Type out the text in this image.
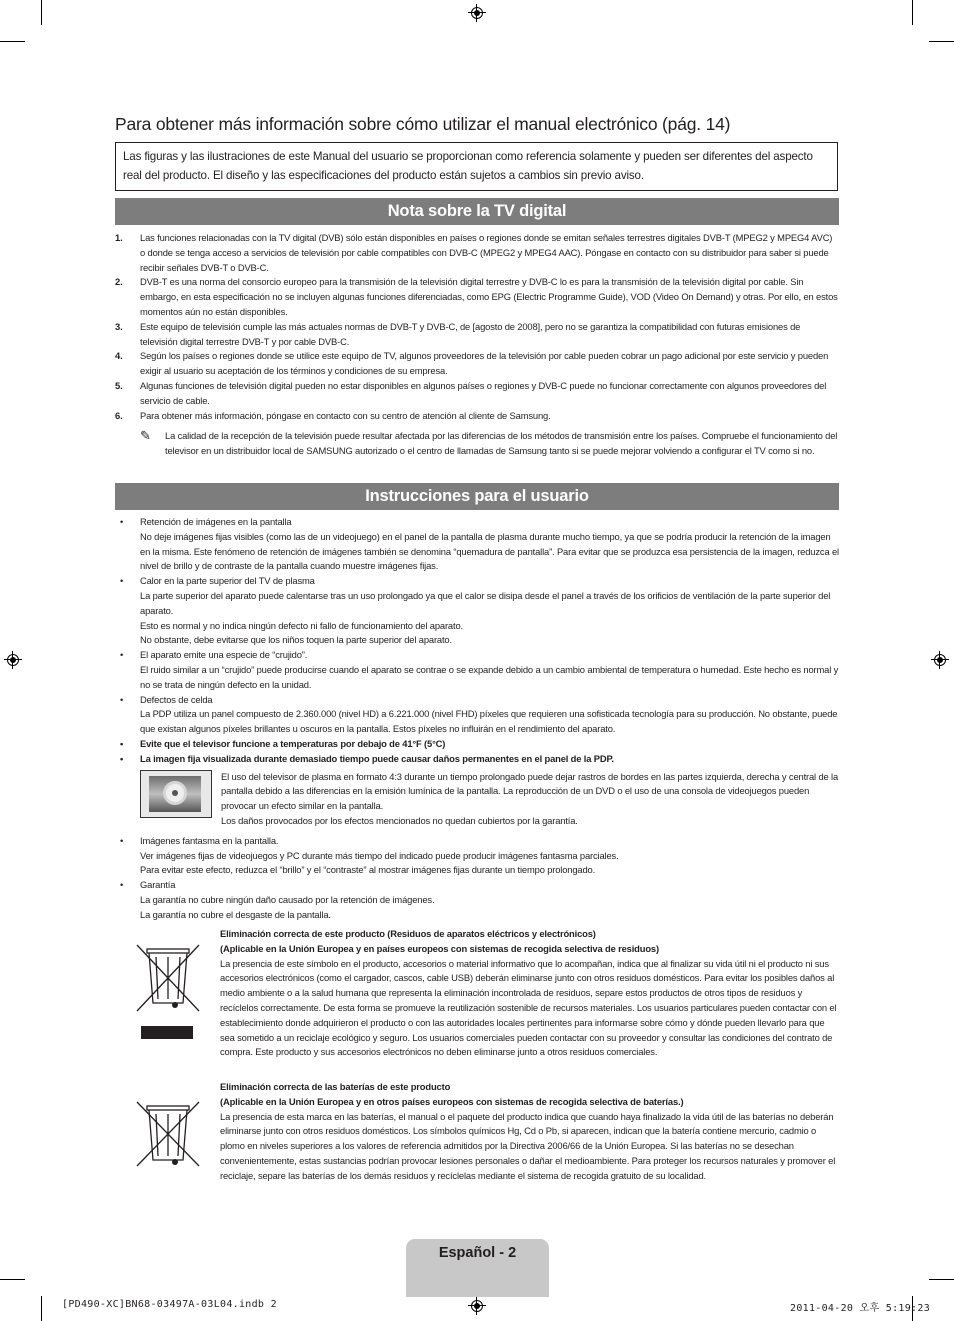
Para obtener más información sobre cómo utilizar el manual electrónico (pág. 14)
Las figuras y las ilustraciones de este Manual del usuario se proporcionan como referencia solamente y pueden ser diferentes del aspecto real del producto. El diseño y las especificaciones del producto están sujetos a cambios sin previo aviso.
Nota sobre la TV digital
1.	Las funciones relacionadas con la TV digital (DVB) sólo están disponibles en países o regiones donde se emitan señales terrestres digitales DVB-T (MPEG2 y MPEG4 AVC) o donde se tenga acceso a servicios de televisión por cable compatibles con DVB-C (MPEG2 y MPEG4 AAC). Póngase en contacto con su distribuidor para saber si puede recibir señales DVB-T o DVB-C.
2.	DVB-T es una norma del consorcio europeo para la transmisión de la televisión digital terrestre y DVB-C lo es para la transmisión de la televisión digital por cable. Sin embargo, en esta especificación no se incluyen algunas funciones diferenciadas, como EPG (Electric Programme Guide), VOD (Video On Demand) y otras. Por ello, en estos momentos aún no están disponibles.
3.	Este equipo de televisión cumple las más actuales normas de DVB-T y DVB-C, de [agosto de 2008], pero no se garantiza la compatibilidad con futuras emisiones de televisión digital terrestre DVB-T y por cable DVB-C.
4.	Según los países o regiones donde se utilice este equipo de TV, algunos proveedores de la televisión por cable pueden cobrar un pago adicional por este servicio y pueden exigir al usuario su aceptación de los términos y condiciones de su empresa.
5.	Algunas funciones de televisión digital pueden no estar disponibles en algunos países o regiones y DVB-C puede no funcionar correctamente con algunos proveedores del servicio de cable.
6.	Para obtener más información, póngase en contacto con su centro de atención al cliente de Samsung.
✎	La calidad de la recepción de la televisión puede resultar afectada por las diferencias de los métodos de transmisión entre los países. Compruebe el funcionamiento del televisor en un distribuidor local de SAMSUNG autorizado o el centro de llamadas de Samsung tanto si se puede mejorar volviendo a configurar el TV como si no.
Instrucciones para el usuario
•	Retención de imágenes en la pantalla
No deje imágenes fijas visibles (como las de un videojuego) en el panel de la pantalla de plasma durante mucho tiempo, ya que se podría producir la retención de la imagen en la misma. Este fenómeno de retención de imágenes también se denomina “quemadura de pantalla”. Para evitar que se produzca esa persistencia de la imagen, reduzca el nivel de brillo y de contraste de la pantalla cuando muestre imágenes fijas.
•	Calor en la parte superior del TV de plasma
La parte superior del aparato puede calentarse tras un uso prolongado ya que el calor se disipa desde el panel a través de los orificios de ventilación de la parte superior del aparato.
Esto es normal y no indica ningún defecto ni fallo de funcionamiento del aparato.
No obstante, debe evitarse que los niños toquen la parte superior del aparato.
•	El aparato emite una especie de “crujido”.
El ruido similar a un “crujido” puede producirse cuando el aparato se contrae o se expande debido a un cambio ambiental de temperatura o humedad. Este hecho es normal y no se trata de ningún defecto en la unidad.
•	Defectos de celda
La PDP utiliza un panel compuesto de 2.360.000 (nivel HD) a 6.221.000 (nivel FHD) píxeles que requieren una sofisticada tecnología para su producción. No obstante, puede que existan algunos píxeles brillantes u oscuros en la pantalla. Estos píxeles no influirán en el rendimiento del aparato.
•	Evite que el televisor funcione a temperaturas por debajo de 41°F (5°C)
•	La imagen fija visualizada durante demasiado tiempo puede causar daños permanentes en el panel de la PDP.
El uso del televisor de plasma en formato 4:3 durante un tiempo prolongado puede dejar rastros de bordes en las partes izquierda, derecha y central de la pantalla debido a las diferencias en la emisión lumínica de la pantalla. La reproducción de un DVD o el uso de una consola de videojuegos pueden provocar un efecto similar en la pantalla.
Los daños provocados por los efectos mencionados no quedan cubiertos por la garantía.
•	Imágenes fantasma en la pantalla.
Ver imágenes fijas de videojuegos y PC durante más tiempo del indicado puede producir imágenes fantasma parciales.
Para evitar este efecto, reduzca el “brillo” y el “contraste” al mostrar imágenes fijas durante un tiempo prolongado.
•	Garantía
La garantía no cubre ningún daño causado por la retención de imágenes.
La garantía no cubre el desgaste de la pantalla.
Eliminación correcta de este producto (Residuos de aparatos eléctricos y electrónicos)
(Aplicable en la Unión Europea y en países europeos con sistemas de recogida selectiva de residuos)
La presencia de este símbolo en el producto, accesorios o material informativo que lo acompañan, indica que al finalizar su vida útil ni el producto ni sus accesorios electrónicos (como el cargador, cascos, cable USB) deberán eliminarse junto con otros residuos domésticos. Para evitar los posibles daños al medio ambiente o a la salud humana que representa la eliminación incontrolada de residuos, separe estos productos de otros tipos de residuos y recíclelos correctamente. De esta forma se promueve la reutilización sostenible de recursos materiales. Los usuarios particulares pueden contactar con el establecimiento donde adquirieron el producto o con las autoridades locales pertinentes para informarse sobre cómo y dónde pueden llevarlo para que sea sometido a un reciclaje ecológico y seguro. Los usuarios comerciales pueden contactar con su proveedor y consultar las condiciones del contrato de compra. Este producto y sus accesorios electrónicos no deben eliminarse junto a otros residuos comerciales.
Eliminación correcta de las baterías de este producto
(Aplicable en la Unión Europea y en otros países europeos con sistemas de recogida selectiva de baterías.)
La presencia de esta marca en las baterías, el manual o el paquete del producto indica que cuando haya finalizado la vida útil de las baterías no deberán eliminarse junto con otros residuos domésticos. Los símbolos químicos Hg, Cd o Pb, si aparecen, indican que la batería contiene mercurio, cadmio o plomo en niveles superiores a los valores de referencia admitidos por la Directiva 2006/66 de la Unión Europea. Si las baterías no se desechan convenientemente, estas sustancias podrían provocar lesiones personales o dañar el medioambiente. Para proteger los recursos naturales y promover el reciclaje, separe las baterías de los demás residuos y recíclelas mediante el sistema de recogida gratuito de su localidad.
Español - 2
[PD490-XC]BN68-03497A-03L04.indb 2	2011-04-20 오후 5:19:23
